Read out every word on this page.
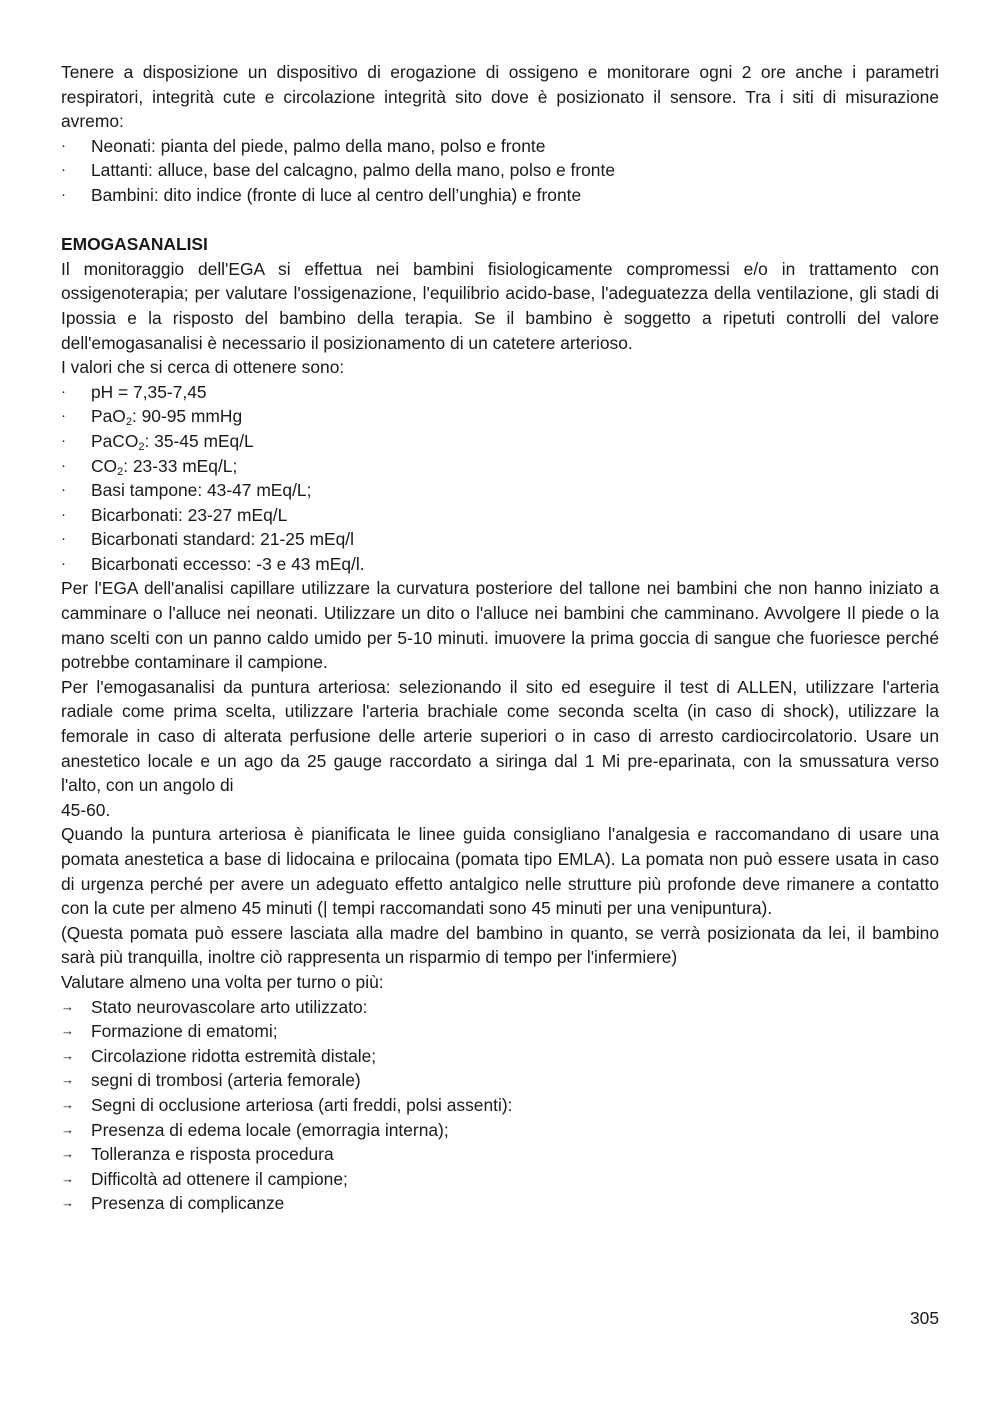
Tenere a disposizione un dispositivo di erogazione di ossigeno e monitorare ogni 2 ore anche i parametri respiratori, integrità cute e circolazione integrità sito dove è posizionato il sensore. Tra i siti di misurazione avremo:

·	Neonati: pianta del piede, palmo della mano, polso e fronte
·	Lattanti: alluce, base del calcagno, palmo della mano, polso e fronte
·	Bambini: dito indice (fronte di luce al centro dell’unghia) e fronte

EMOGASANALISI

Il monitoraggio dell'EGA si effettua nei bambini fisiologicamente compromessi e/o in trattamento con ossigenoterapia; per valutare l'ossigenazione, l'equilibrio acido-base, l'adeguatezza della ventilazione, gli stadi di Ipossia e la risposto del bambino della terapia. Se il bambino è soggetto a ripetuti controlli del valore dell'emogasanalisi è necessario il posizionamento di un catetere arterioso.

I valori che si cerca di ottenere sono:

·	pH = 7,35-7,45
·	PaO$_2$: 90-95 mmHg
·	PaCO$_2$: 35-45 mEq/L
·	$CO_2$: 23-33 mEq/L;
·	Basi tampone: 43-47 mEq/L;
·	Bicarbonati: 23-27 mEq/L
·	Bicarbonati standard: 21-25 mEq/l
·	Bicarbonati eccesso: -3 e 43 mEq/l.

Per l'EGA dell'analisi capillare utilizzare la curvatura posteriore del tallone nei bambini che non hanno iniziato a camminare o l'alluce nei neonati. Utilizzare un dito o l'alluce nei bambini che camminano. Avvolgere Il piede o la mano scelti con un panno caldo umido per 5-10 minuti. imuovere la prima goccia di sangue che fuoriesce perché potrebbe contaminare il campione.

Per l'emogasanalisi da puntura arteriosa: selezionando il sito ed eseguire il test di ALLEN, utilizzare l'arteria radiale come prima scelta, utilizzare l'arteria brachiale come seconda scelta (in caso di shock), utilizzare la femorale in caso di alterata perfusione delle arterie superiori o in caso di arresto cardiocircolatorio. Usare un anestetico locale e un ago da 25 gauge raccordato a siringa dal 1 Mi pre-eparinata, con la smussatura verso l'alto, con un angolo di

45-60.

Quando la puntura arteriosa è pianificata le linee guida consigliano l'analgesia e raccomandano di usare una pomata anestetica a base di lidocaina e prilocaina (pomata tipo EMLA). La pomata non può essere usata in caso di urgenza perché per avere un adeguato effetto antalgico nelle strutture più profonde deve rimanere a contatto con la cute per almeno 45 minuti (| tempi raccomandati sono 45 minuti per una venipuntura).

(Questa pomata può essere lasciata alla madre del bambino in quanto, se verrà posizionata da lei, il bambino sarà più tranquilla, inoltre ciò rappresenta un risparmio di tempo per l'infermiere)

Valutare almeno una volta per turno o più:

→ Stato neurovascolare arto utilizzato:
→ Formazione di ematomi;
→ Circolazione ridotta estremità distale;
→ segni di trombosi (arteria femorale)
→ Segni di occlusione arteriosa (arti freddi, polsi assenti):
→ Presenza di edema locale (emorragia interna);
→ Tolleranza e risposta procedura
→ Difficoltà ad ottenere il campione;
→ Presenza di complicanze
305
